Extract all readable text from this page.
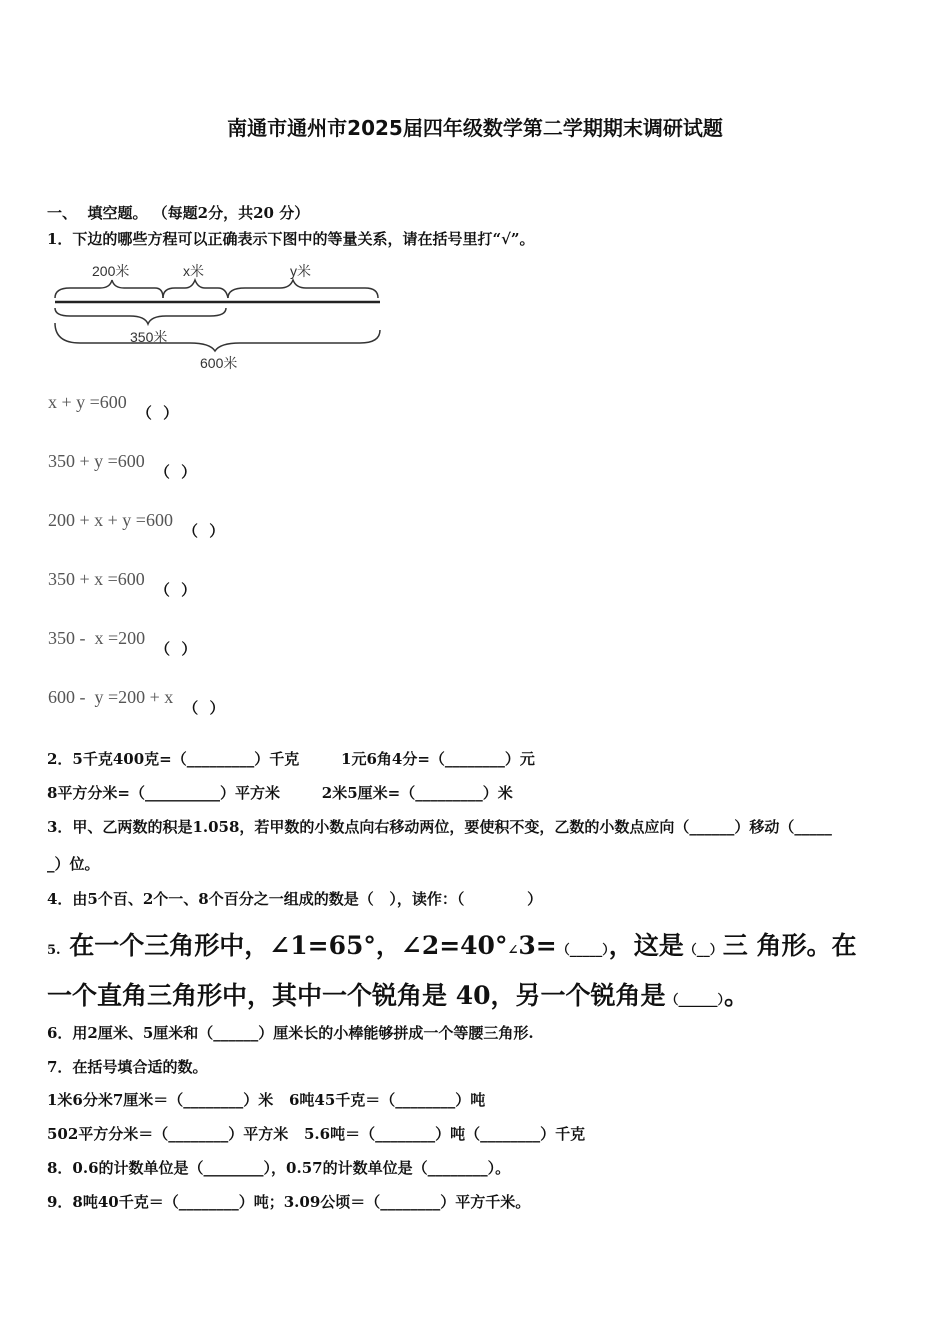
南通市通州市2025届四年级数学第二学期期末调研试题
一、  填空题。 （每题2分，共20 分）
1．下边的哪些方程可以正确表示下图中的等量关系，请在括号里打“√”。
200米	x米	y米
350米
600米
$x + y =600_{( )}$
$350 + y =600_{( )}$
$200 + x + y =600_{( )}$
$350 + x =600_{( )}$
$350 - x =200_{( )}$
$600 - y =200 + x_{( )}$
2．5千克400克=（_________）千克        1元6角4分=（________）元
8平方分米=（__________）平方米        2米5厘米=（_________）米
3．甲、乙两数的积是1.058，若甲数的小数点向右移动两位，要使积不变，乙数的小数点应向（______）移动（_____
_）位。
4．由5个百、2个一、8个百分之一组成的数是（   ），读作：（            ）
5. 在一个三角形中，∠1=65°，∠2=40°∠3=（_____），这是（__）三 角形。在
一个直角三角形中，其中一个锐角是 40，另一个锐角是（______）。
6．用2厘米、5厘米和（______）厘米长的小棒能够拼成一个等腰三角形.
7．在括号填合适的数。
1米6分米7厘米＝（________）米   6吨45千克＝（________）吨
502平方分米＝（________）平方米   5.6吨＝（________）吨（________）千克
8．0.6的计数单位是（________），0.57的计数单位是（________）。
9．8吨40千克＝（________）吨；3.09公顷＝（________）平方千米。
